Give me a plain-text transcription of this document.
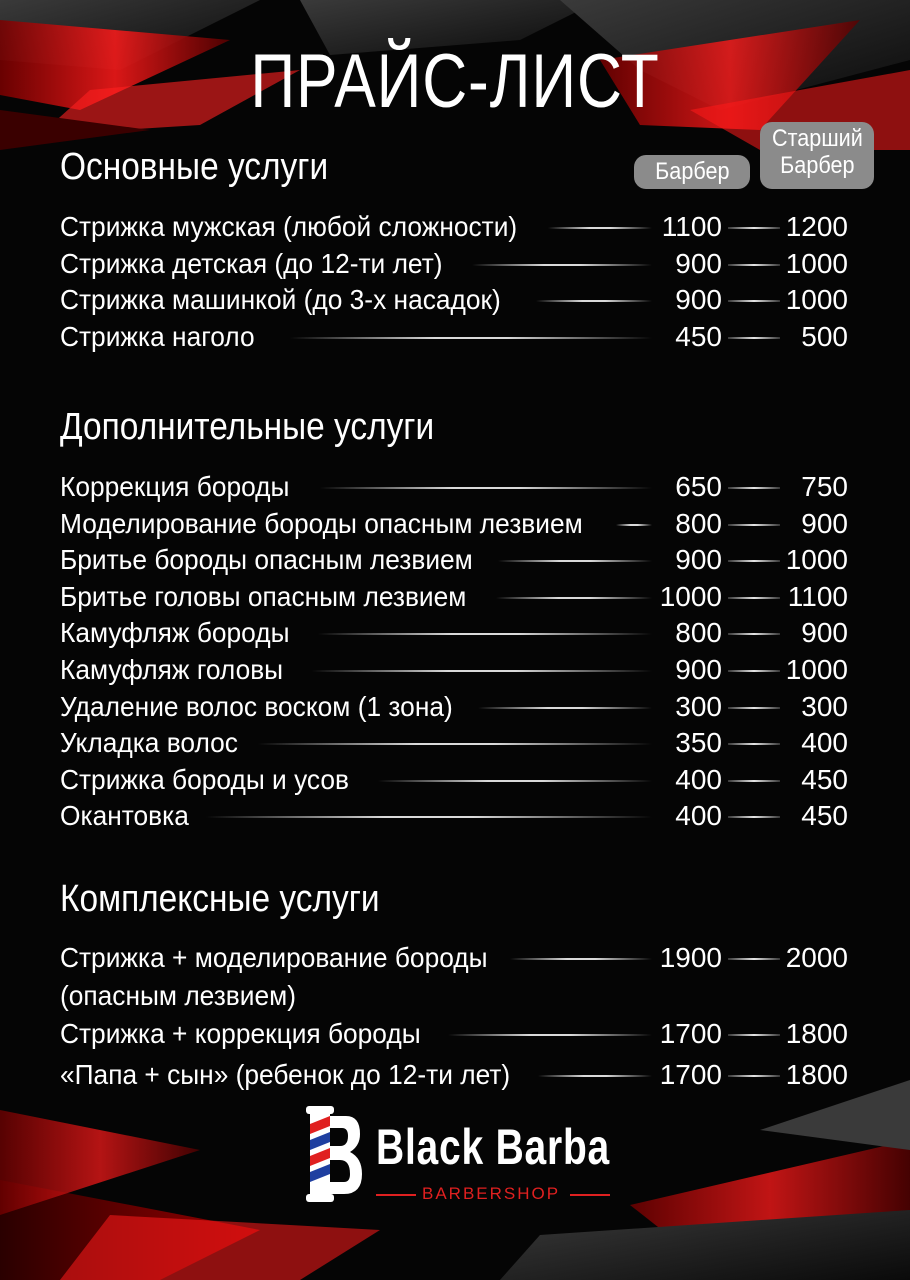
ПРАЙС-ЛИСТ
Барбер
Старший
Барбер
Основные услуги
Стрижка мужская (любой сложности)	1100 1200
Стрижка детская (до 12-ти лет)	900 1000
Стрижка машинкой (до 3-х насадок)	900 1000
Стрижка наголо	450	500
Дополнительные услуги
Коррекция бороды	650	750
Моделирование бороды опасным лезвием	800	900
Бритье бороды опасным лезвием	900 1000
Бритье головы опасным лезвием	1000	1100
Камуфляж бороды	800	900
Камуфляж головы	900 1000
Удаление волос воском (1 зона)	300	300
Укладка волос	350	400
Стрижка бороды и усов	400	450
Окантовка	400	450
Комплексные услуги
Стрижка + моделирование бороды
(опасным лезвием)
1900 2000
Стрижка + коррекция бороды	1700 1800
«Папа + сын» (ребенок до 12-ти лет)	1700 1800
Black Barba
BARBERSHOP
